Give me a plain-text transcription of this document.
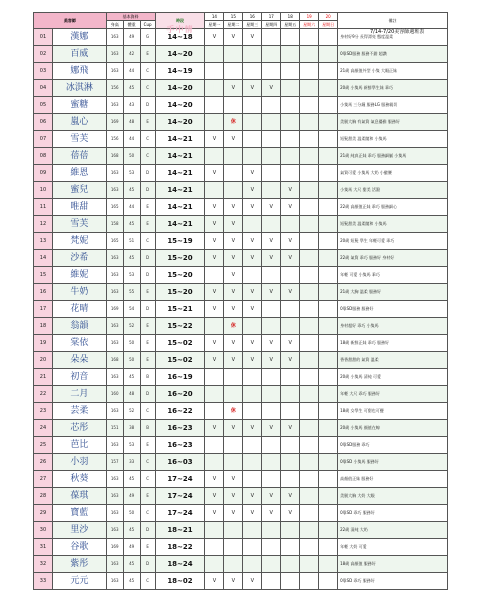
美容師		基本資料			時段	14	15	16	17	18	19	20	備註
		身高	體重	Cup		星期一	星期二	星期三	星期四	星期五	星期六	星期日	
01	漢娜	163	49	G	14~18	V	V	V					身材好9分 長得漂亮 態度溫柔
02	百威	163	42	E	14~20								0靠SD服務 服務不錯 超讚
03	娜飛	163	44	C	14~19								21歲 高顏值外型 小隻 大眼正妹
04	冰淇淋	156	45	C	14~20		V	V	V				20歲 小隻馬 新鮮學生妹 乖巧
05	蜜糖	163	43	D	14~20								小隻馬 三分鐘 服務LG 服務親切
06	嵐心	169	48	E	14~20		休						美腿大胸 有氣質 氣息優雅 服務好
07	雪芙	156	44	C	14~21	V	V						短髮甜美 溫柔隨和 小隻馬
08	蓓蓓	168	50	C	14~21								21歲 純真正妹 乖巧 服務細膩 小隻馬
09	維恩	163	53	D	14~21	V		V					氣質可愛 小隻馬 大奶 小蠻腰
10	蜜兒	163	45	D	14~21			V		V			小隻馬 大尺 甜美 活潑
11	唯甜	165	44	E	14~21	V	V	V	V	V			22歲 高顏值正妹 乖巧 服務細心
12	雪芙	158	45	E	14~21	V	V						短髮甜美 溫柔隨和 小隻馬
13	梵妮	165	51	C	15~19	V	V	V	V	V			20歲 短髮 學生 年輕可愛 乖巧
14	沙希	163	45	D	15~20	V	V	V	V	V			22歲 氣質 乖巧 服務好 身材好
15	維妮	163	53	D	15~20		V						年輕 可愛 小隻馬 乖巧
16	牛奶	163	55	E	15~20	V	V	V	V	V			21歲 大胸 溫柔 服務好
17	花晴	169	54	D	15~21	V	V	V					0靠SD服務 服務好
18	翁韻	163	52	E	15~22		休						身材超好 乖巧 小隻馬
19	棠依	163	50	E	15~02	V	V	V	V	V			18歲 新鮮正妹 乖巧 服務好
20	朵朵	168	50	E	15~02	V	V	V	V	V			香香甜甜的 氣質 溫柔
21	初音	163	45	B	16~19								20歲 小隻馬 清純 可愛
22	二月	160	48	D	16~20								年輕 大尺 乖巧 服務好
23	芸柔	163	52	C	16~22		休						18歲 女學生 可甜也可鹽
24	芯彤	151	38	B	16~23	V	V	V	V	V			20歲 小隻馬 顏值在線
25	芭比	163	53	E	16~23								0靠SD服務 乖巧
26	小羽	157	33	C	16~03								0靠SD 小隻馬 服務好
27	秋葵	163	45	C	17~24	V	V						高顏值正妹 服務好
28	葆琪	163	49	E	17~24	V	V	V	V	V			美腿大胸 大奶 大眼
29	寶藍	163	50	C	17~24	V	V	V	V	V			0靠SD 乖巧 服務好
30	里沙	163	45	D	18~21								22歲 清純 大奶
31	谷歌	169	49	E	18~22								年輕 大奶 可愛
32	紫彤	163	45	D	18~24								18歲 高顏值 服務好
33	元元	163	45	C	18~02	V	V	V					0靠SD 乖巧 服務好
手中情	7/14-7/20美容師週班表
